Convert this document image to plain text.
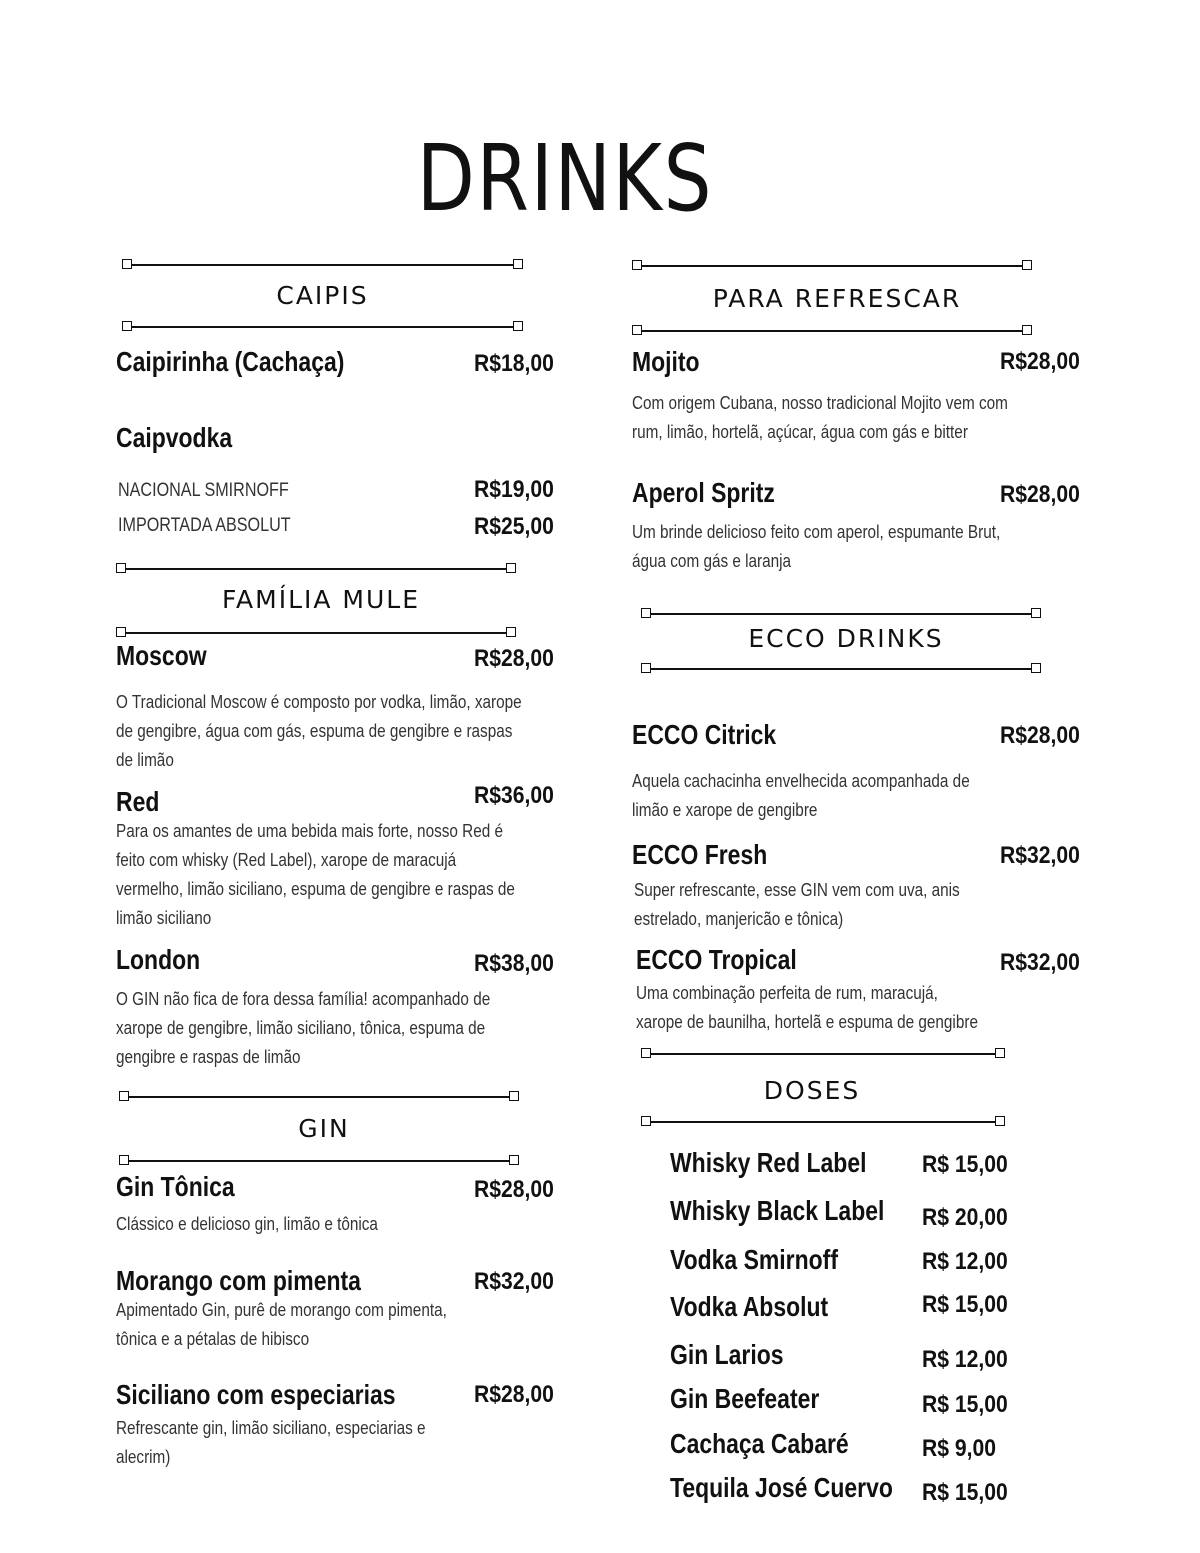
DRINKS
CAIPIS
Caipirinha (Cachaça)	R$18,00
Caipvodka
NACIONAL SMIRNOFF	R$19,00
IMPORTADA ABSOLUT	R$25,00
FAMÍLIA MULE
Moscow	R$28,00
O Tradicional Moscow é composto por vodka, limão, xarope
de gengibre, água com gás, espuma de gengibre e raspas
de limão
Red	R$36,00
Para os amantes de uma bebida mais forte, nosso Red é
feito com whisky (Red Label), xarope de maracujá
vermelho, limão siciliano, espuma de gengibre e raspas de
limão siciliano
London	R$38,00
O GIN não fica de fora dessa família! acompanhado de
xarope de gengibre, limão siciliano, tônica, espuma de
gengibre e raspas de limão
GIN
Gin Tônica	R$28,00
Clássico e delicioso gin, limão e tônica
Morango com pimenta	R$32,00
Apimentado Gin, purê de morango com pimenta,
tônica e a pétalas de hibisco
Siciliano com especiarias	R$28,00
Refrescante gin, limão siciliano, especiarias e
alecrim)
PARA REFRESCAR
Mojito	R$28,00
Com origem Cubana, nosso tradicional Mojito vem com
rum, limão, hortelã, açúcar, água com gás e bitter
Aperol Spritz	R$28,00
Um brinde delicioso feito com aperol, espumante Brut,
água com gás e laranja
ECCO DRINKS
ECCO Citrick	R$28,00
Aquela cachacinha envelhecida acompanhada de
limão e xarope de gengibre
ECCO Fresh	R$32,00
Super refrescante, esse GIN vem com uva, anis
estrelado, manjericão e tônica)
ECCO Tropical	R$32,00
Uma combinação perfeita de rum, maracujá,
xarope de baunilha, hortelã e espuma de gengibre
DOSES
Whisky Red Label R$ 15,00
Whisky Black Label R$ 20,00
Vodka Smirnoff	R$ 12,00
Vodka Absolut	R$ 15,00
Gin Larios	R$ 12,00
Gin Beefeater	R$ 15,00
Cachaça Cabaré	R$ 9,00
Tequila José Cuervo R$ 15,00
